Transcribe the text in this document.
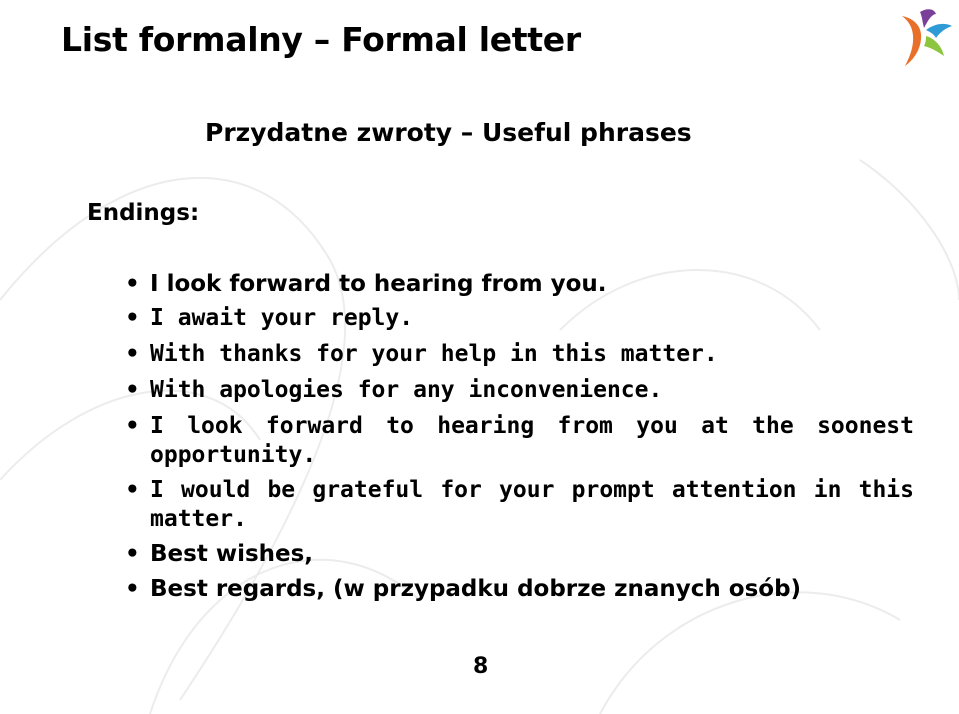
List formalny – Formal letter
Przydatne zwroty – Useful phrases
Endings:
• I look forward to hearing from you.
• I await your reply.
• With thanks for your help in this matter.
• With apologies for any inconvenience.
• I look forward to hearing from you at the soonest opportunity.
• I would be grateful for your prompt attention in this matter.
• Best wishes,
• Best regards, (w przypadku dobrze znanych osób)
8
